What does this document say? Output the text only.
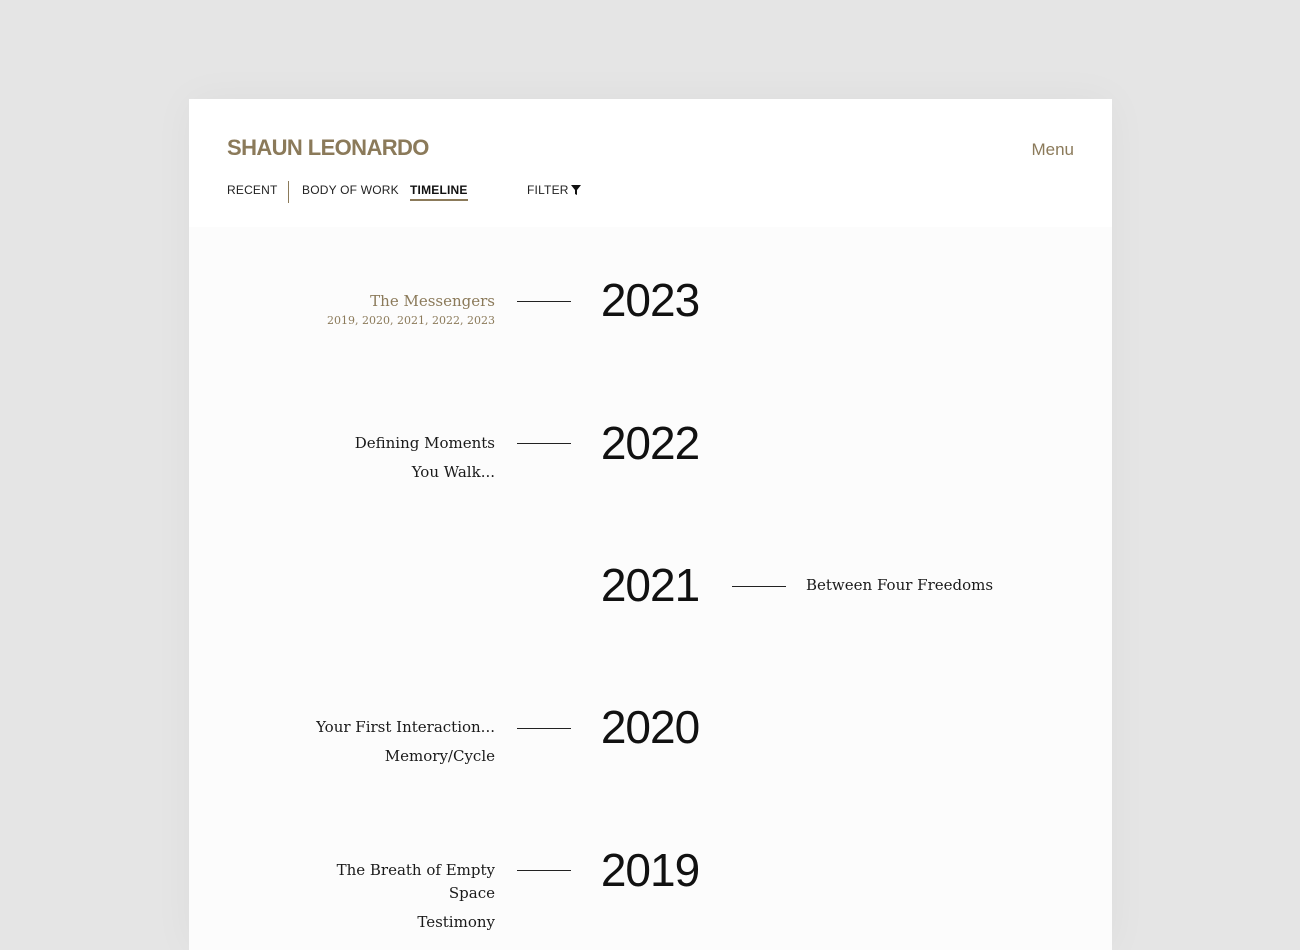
SHAUN LEONARDO	Menu
RECENT BODY OF WORK TIMELINE	FILTER
The Messengers
2019, 2020, 2021, 2022, 2023	2023
Defining Moments
You Walk...
2022
2021	Between Four Freedoms
Your First Interaction...
Memory/Cycle
2020
The Breath of Empty Space
Testimony
2019
